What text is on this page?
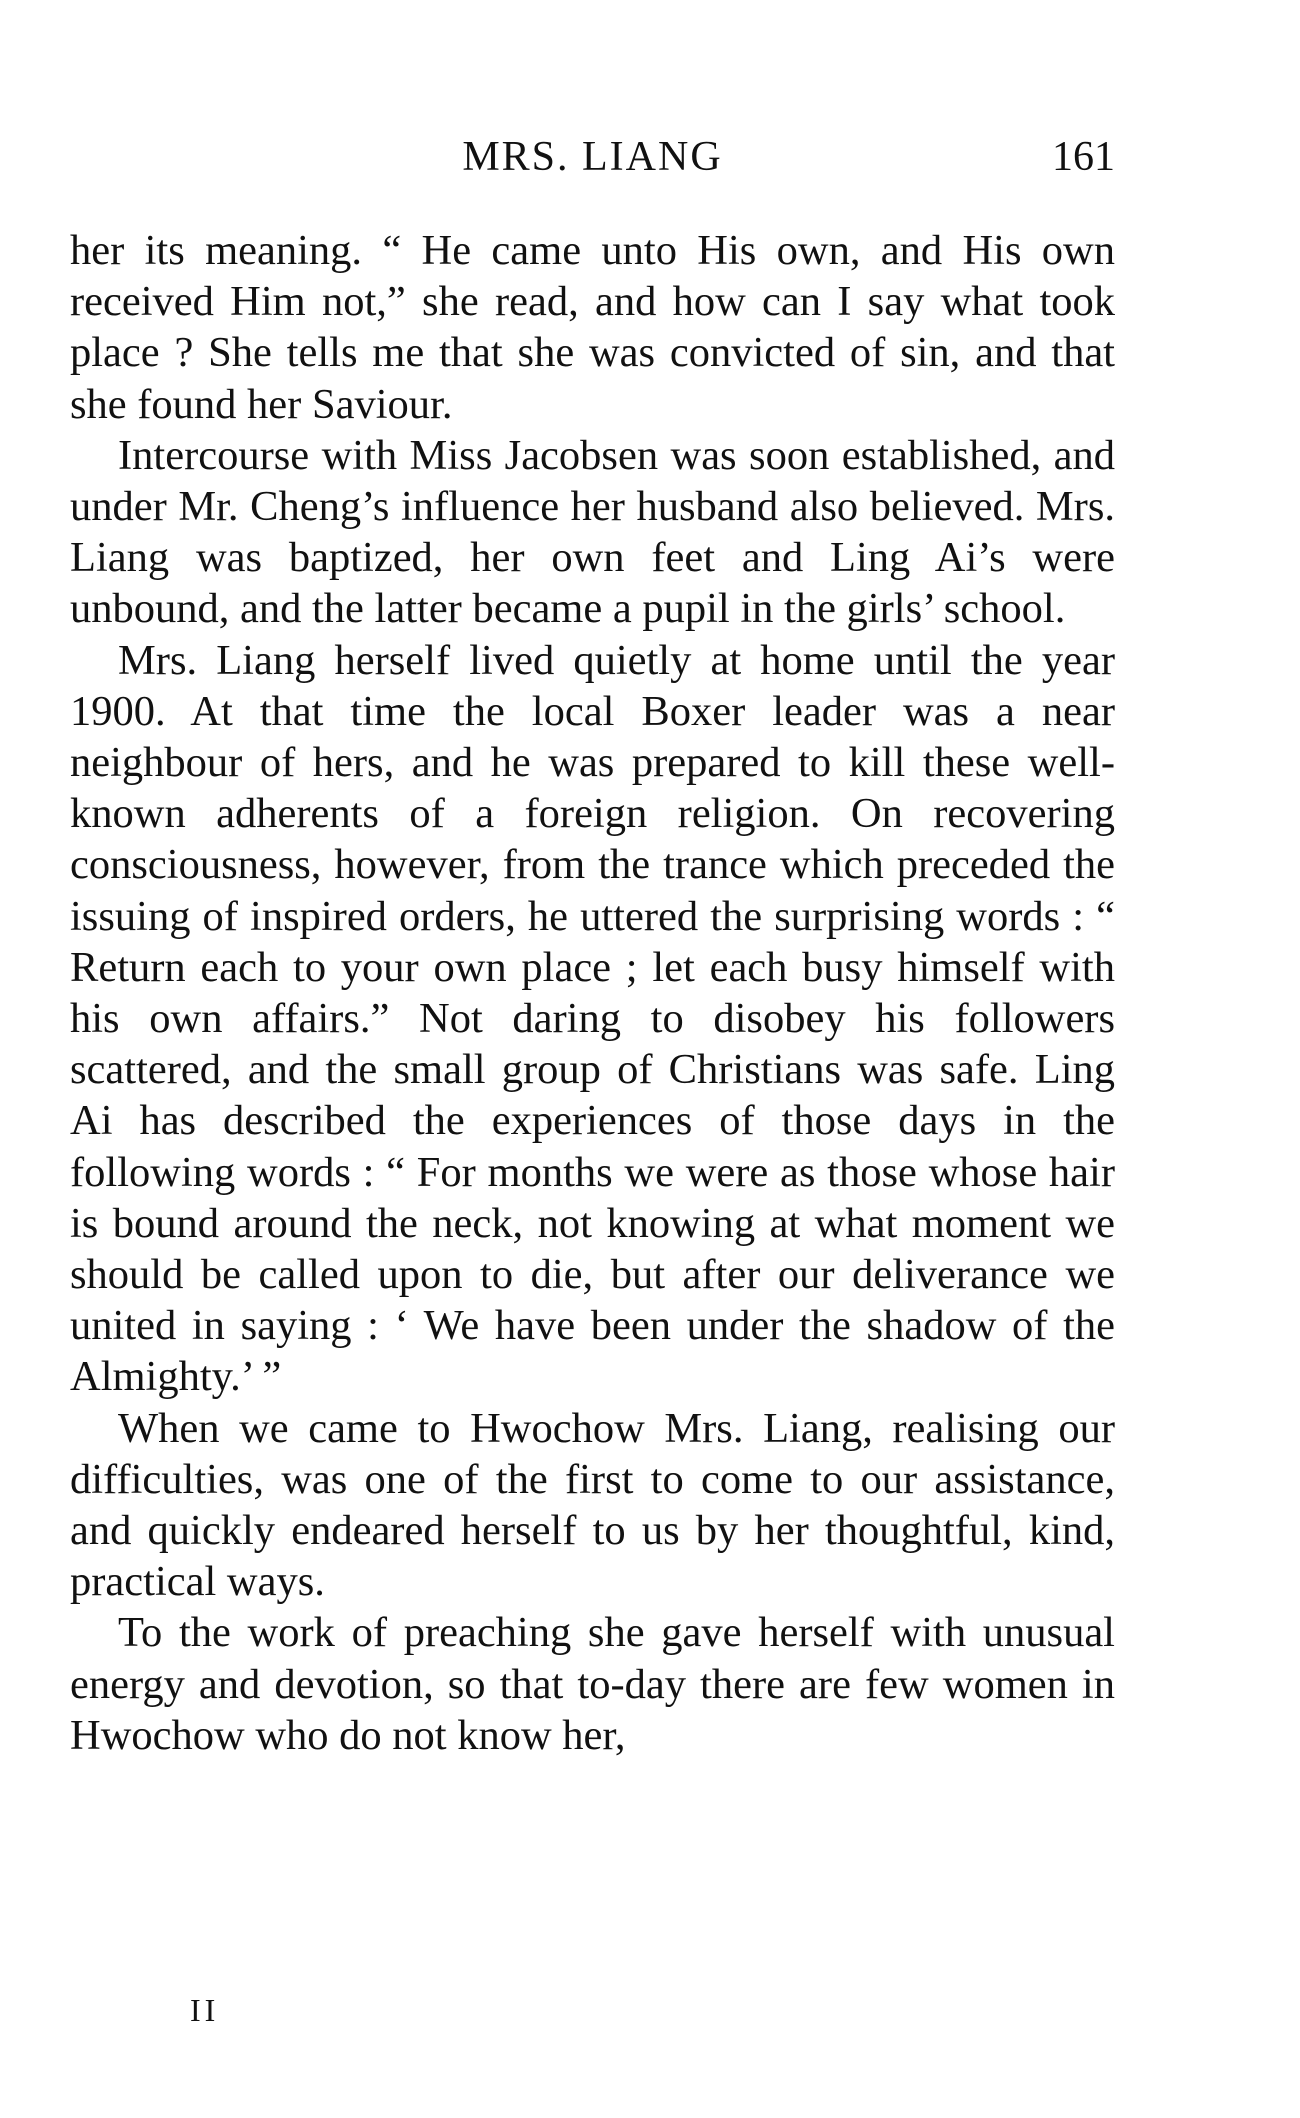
MRS. LIANG	161

her its meaning. “ He came unto His own, and His own received Him not,” she read, and how can I say what took place ? She tells me that she was convicted of sin, and that she found her Saviour.

Intercourse with Miss Jacobsen was soon established, and under Mr. Cheng’s influence her husband also believed. Mrs. Liang was baptized, her own feet and Ling Ai’s were unbound, and the latter became a pupil in the girls’ school.

Mrs. Liang herself lived quietly at home until the year 1900. At that time the local Boxer leader was a near neighbour of hers, and he was prepared to kill these well-known adherents of a foreign religion. On recovering consciousness, however, from the trance which preceded the issuing of inspired orders, he uttered the surprising words : “ Return each to your own place ; let each busy himself with his own affairs.” Not daring to disobey his followers scattered, and the small group of Christians was safe. Ling Ai has described the experiences of those days in the following words : “ For months we were as those whose hair is bound around the neck, not knowing at what moment we should be called upon to die, but after our deliverance we united in saying : ‘ We have been under the shadow of the Almighty.’ ”

When we came to Hwochow Mrs. Liang, realising our difficulties, was one of the first to come to our assistance, and quickly endeared herself to us by her thoughtful, kind, practical ways.

To the work of preaching she gave herself with unusual energy and devotion, so that to-day there are few women in Hwochow who do not know her,

II
